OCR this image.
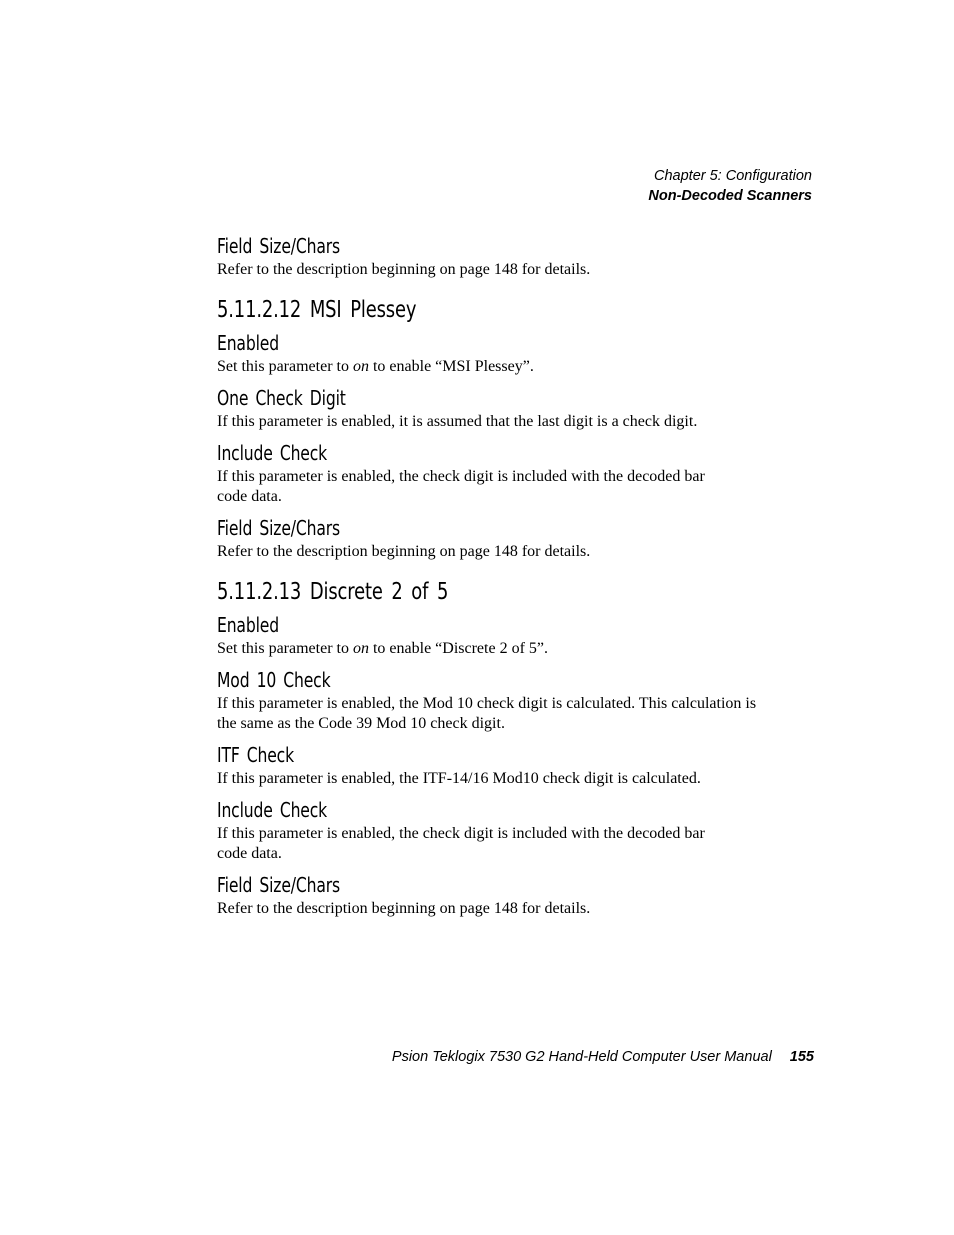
Chapter 5: Configuration
Non-Decoded Scanners
Field Size/Chars

Refer to the description beginning on page 148 for details.

5.11.2.12 MSI Plessey
Enabled

Set this parameter to on to enable “MSI Plessey”.

One Check Digit

If this parameter is enabled, it is assumed that the last digit is a check digit.

Include Check

If this parameter is enabled, the check digit is included with the decoded bar
code data.

Field Size/Chars

Refer to the description beginning on page 148 for details.

5.11.2.13 Discrete 2 of 5
Enabled

Set this parameter to on to enable “Discrete 2 of 5”.

Mod 10 Check

If this parameter is enabled, the Mod 10 check digit is calculated. This calculation is
the same as the Code 39 Mod 10 check digit.

ITF Check

If this parameter is enabled, the ITF-14/16 Mod10 check digit is calculated.

Include Check

If this parameter is enabled, the check digit is included with the decoded bar
code data.

Field Size/Chars

Refer to the description beginning on page 148 for details.

Psion Teklogix 7530 G2 Hand-Held Computer User Manual 155
